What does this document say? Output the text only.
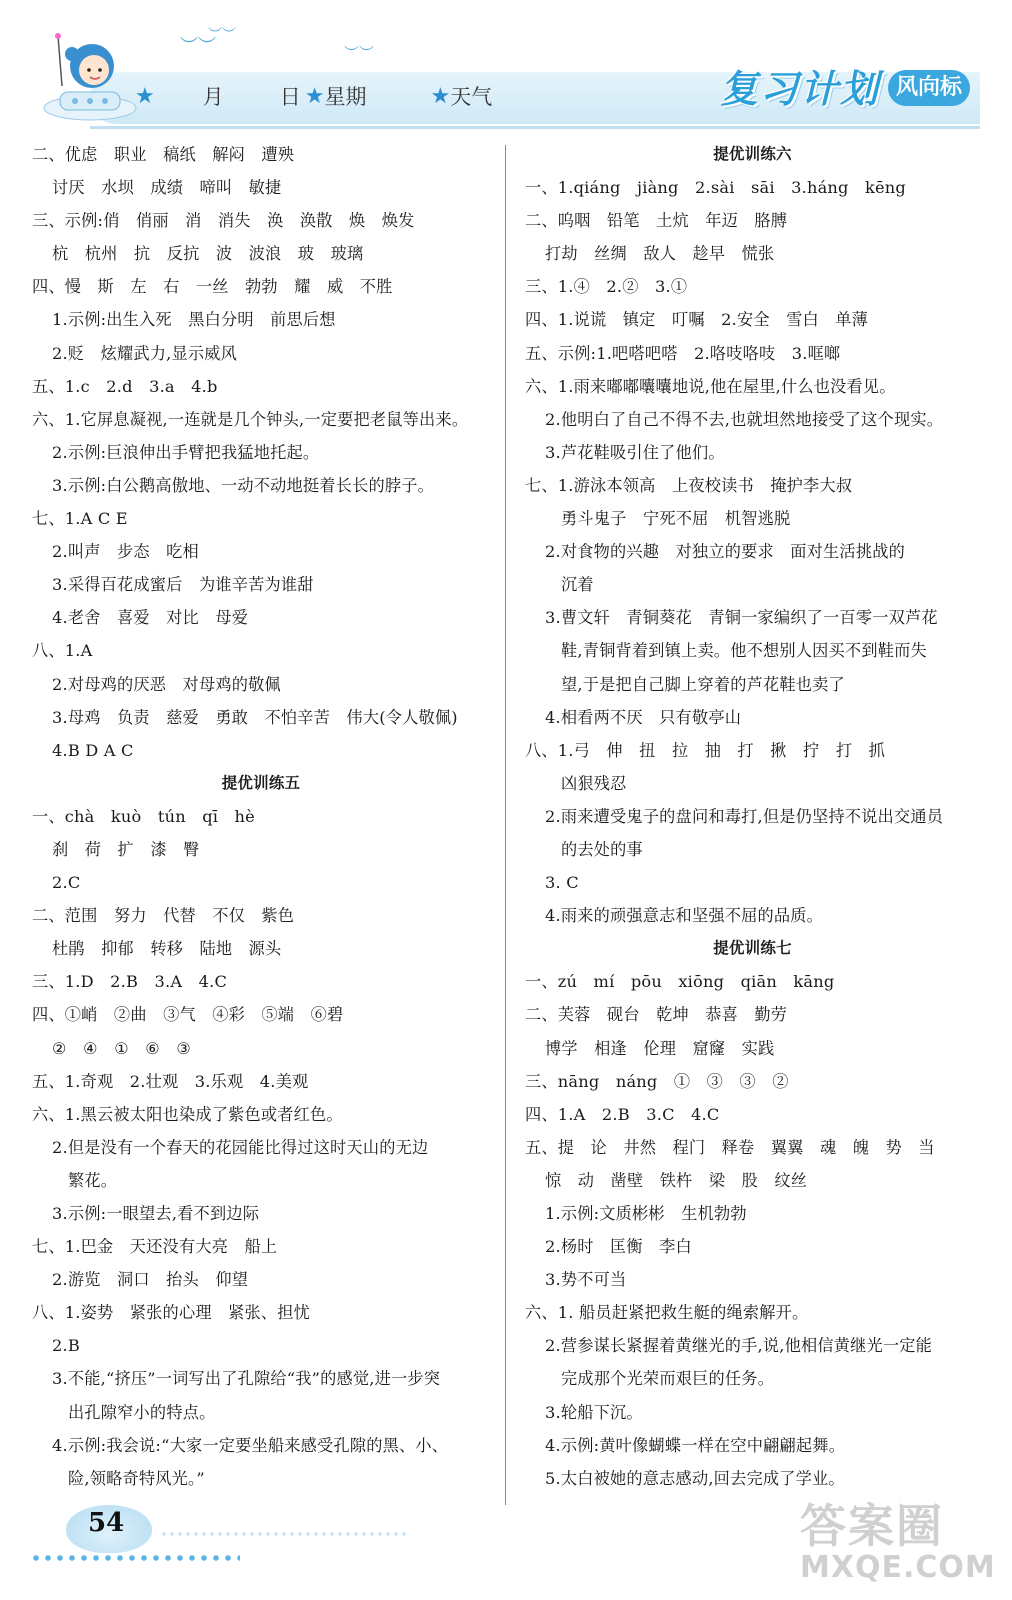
︶︶
︶︶
︶︶
★ 月	日 ★ 星期	★ 天气	复习计划 风向标
二、优虑　职业　稿纸　解闷　遭殃
讨厌　水坝　成绩　啼叫　敏捷
三、示例:俏　俏丽　消　消失　涣　涣散　焕　焕发
杭　杭州　抗　反抗　波　波浪　玻　玻璃
四、慢　斯　左　右　一丝　勃勃　耀　威　不胜
1.示例:出生入死　黑白分明　前思后想
2.贬　炫耀武力,显示威风
五、1.c　2.d　3.a　4.b
六、1.它屏息凝视,一连就是几个钟头,一定要把老鼠等出来。
2.示例:巨浪伸出手臂把我猛地托起。
3.示例:白公鹅高傲地、一动不动地挺着长长的脖子。
七、1.A C E
2.叫声　步态　吃相
3.采得百花成蜜后　为谁辛苦为谁甜
4.老舍　喜爱　对比　母爱
八、1.A
2.对母鸡的厌恶　对母鸡的敬佩
3.母鸡　负责　慈爱　勇敢　不怕辛苦　伟大(令人敬佩)
4.B D A C
提优训练五
一、chà　kuò　tún　qī　hè
刹　荷　扩　漆　臀
2.C
二、范围　努力　代替　不仅　紫色
杜鹃　抑郁　转移　陆地　源头
三、1.D　2.B　3.A　4.C
四、①峭　②曲　③气　④彩　⑤端　⑥碧
②　④　①　⑥　③
五、1.奇观　2.壮观　3.乐观　4.美观
六、1.黑云被太阳也染成了紫色或者红色。
2.但是没有一个春天的花园能比得过这时天山的无边
繁花。
3.示例:一眼望去,看不到边际
七、1.巴金　天还没有大亮　船上
2.游览　洞口　抬头　仰望
八、1.姿势　紧张的心理　紧张、担忧
2.B
3.不能,“挤压”一词写出了孔隙给“我”的感觉,进一步突
出孔隙窄小的特点。
4.示例:我会说:“大家一定要坐船来感受孔隙的黑、小、
险,领略奇特风光。”
提优训练六
一、1.qiáng　jiàng　2.sài　sāi　3.háng　kēng
二、呜咽　铅笔　土炕　年迈　胳膊
打劫　丝绸　敌人　趁早　慌张
三、1.④　2.②　3.①
四、1.说谎　镇定　叮嘱　2.安全　雪白　单薄
五、示例:1.吧嗒吧嗒　2.咯吱咯吱　3.哐啷
六、1.雨来嘟嘟囔囔地说,他在屋里,什么也没看见。
2.他明白了自己不得不去,也就坦然地接受了这个现实。
3.芦花鞋吸引住了他们。
七、1.游泳本领高　上夜校读书　掩护李大叔
勇斗鬼子　宁死不屈　机智逃脱
2.对食物的兴趣　对独立的要求　面对生活挑战的
沉着
3.曹文轩　青铜葵花　青铜一家编织了一百零一双芦花
鞋,青铜背着到镇上卖。他不想别人因买不到鞋而失
望,于是把自己脚上穿着的芦花鞋也卖了
4.相看两不厌　只有敬亭山
八、1.弓　伸　扭　拉　抽　打　揪　拧　打　抓
凶狠残忍
2.雨来遭受鬼子的盘问和毒打,但是仍坚持不说出交通员
的去处的事
3. C
4.雨来的顽强意志和坚强不屈的品质。
提优训练七
一、zú　mí　pōu　xiōng　qiān　kāng
二、芙蓉　砚台　乾坤　恭喜　勤劳
博学　相逢　伦理　窟窿　实践
三、nāng　náng　①　③　③　②
四、1.A　2.B　3.C　4.C
五、提　论　井然　程门　释卷　翼翼　魂　魄　势　当
惊　动　凿壁　铁杵　梁　股　纹丝
1.示例:文质彬彬　生机勃勃
2.杨时　匡衡　李白
3.势不可当
六、1. 船员赶紧把救生艇的绳索解开。
2.营参谋长紧握着黄继光的手,说,他相信黄继光一定能
完成那个光荣而艰巨的任务。
3.轮船下沉。
4.示例:黄叶像蝴蝶一样在空中翩翩起舞。
5.太白被她的意志感动,回去完成了学业。
54	答案圈
MXQE.COM
